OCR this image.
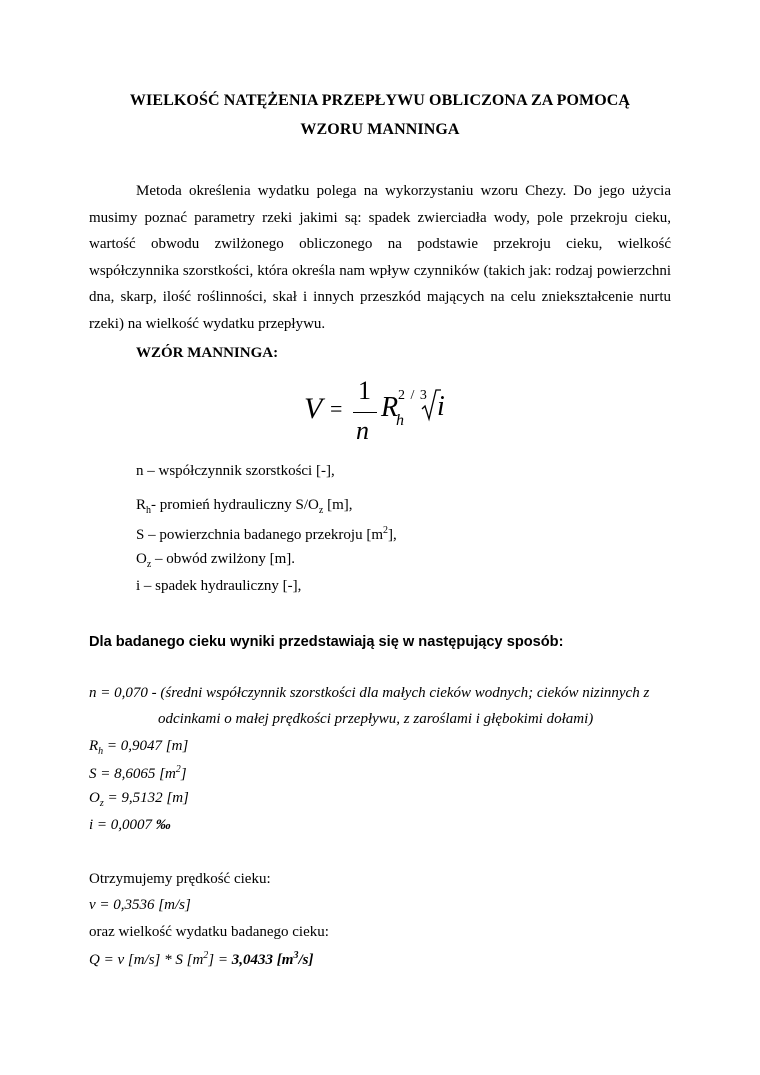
WIELKOŚĆ NATĘŻENIA PRZEPŁYWU OBLICZONA ZA POMOCĄ
WZORU MANNINGA
Metoda określenia wydatku polega na wykorzystaniu wzoru Chezy. Do jego użycia musimy poznać parametry rzeki jakimi są: spadek zwierciadła wody, pole przekroju cieku, wartość obwodu zwilżonego obliczonego na podstawie przekroju cieku, wielkość współczynnika szorstkości, która określa nam wpływ czynników (takich jak: rodzaj powierzchni dna, skarp, ilość roślinności, skał i innych przeszkód mających na celu zniekształcenie nurtu rzeki) na wielkość wydatku przepływu.
WZÓR MANNINGA:
V =
1
n
R 2 / 3
h i
n – współczynnik szorstkości [-],
$R_h-$ promień hydrauliczny $S/O_z$ [m],
S – powierzchnia badanego przekroju $[m^2]$,
$O_z$ – obwód zwilżony [m].
i – spadek hydrauliczny [-],
Dla badanego cieku wyniki przedstawiają się w następujący sposób:
n = 0,070 - (średni współczynnik szorstkości dla małych cieków wodnych; cieków nizinnych z
odcinkami o małej prędkości przepływu, z zaroślami i głębokimi dołami)
$R_h = 0,9047$ [m]
S = 8,6065 $[m^2]$
$O_z = 9,5132$ [m]
i = 0,0007 ‰
Otrzymujemy prędkość cieku:
v = 0,3536 [m/s]
oraz wielkość wydatku badanego cieku:
Q = v [m/s] * S $[m^2] = 3,0433$ $[m^3/s]$
